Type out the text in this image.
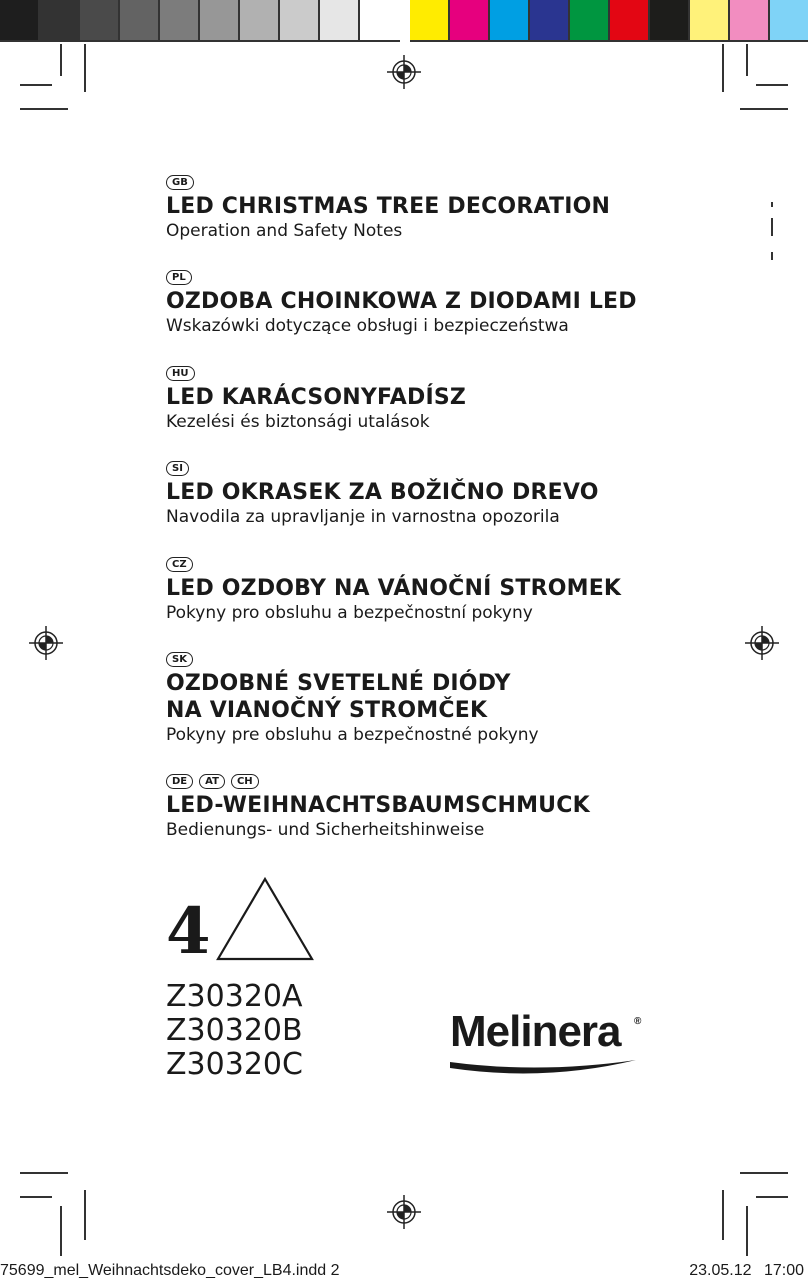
GB
LED CHRISTMAS TREE DECORATION
Operation and Safety Notes
PL
OZDOBA CHOINKOWA Z DIODAMI LED
Wskazówki dotyczące obsługi i bezpieczeństwa
HU
LED KARÁCSONYFADÍSZ
Kezelési és biztonsági utalások
SI
LED OKRASEK ZA BOŽIČNO DREVO
Navodila za upravljanje in varnostna opozorila
CZ
LED OZDOBY NA VÁNOČNÍ STROMEK
Pokyny pro obsluhu a bezpečnostní pokyny
SK
OZDOBNÉ SVETELNÉ DIÓDY
NA VIANOČNÝ STROMČEK
Pokyny pre obsluhu a bezpečnostné pokyny
DE	AT	CH
LED-WEIHNACHTSBAUMSCHMUCK
Bedienungs- und Sicherheitshinweise
4
Z30320A
Z30320B
Z30320C
Melinera ®
75699_mel_Weihnachtsdeko_cover_LB4.indd 2	23.05.12 17:00
